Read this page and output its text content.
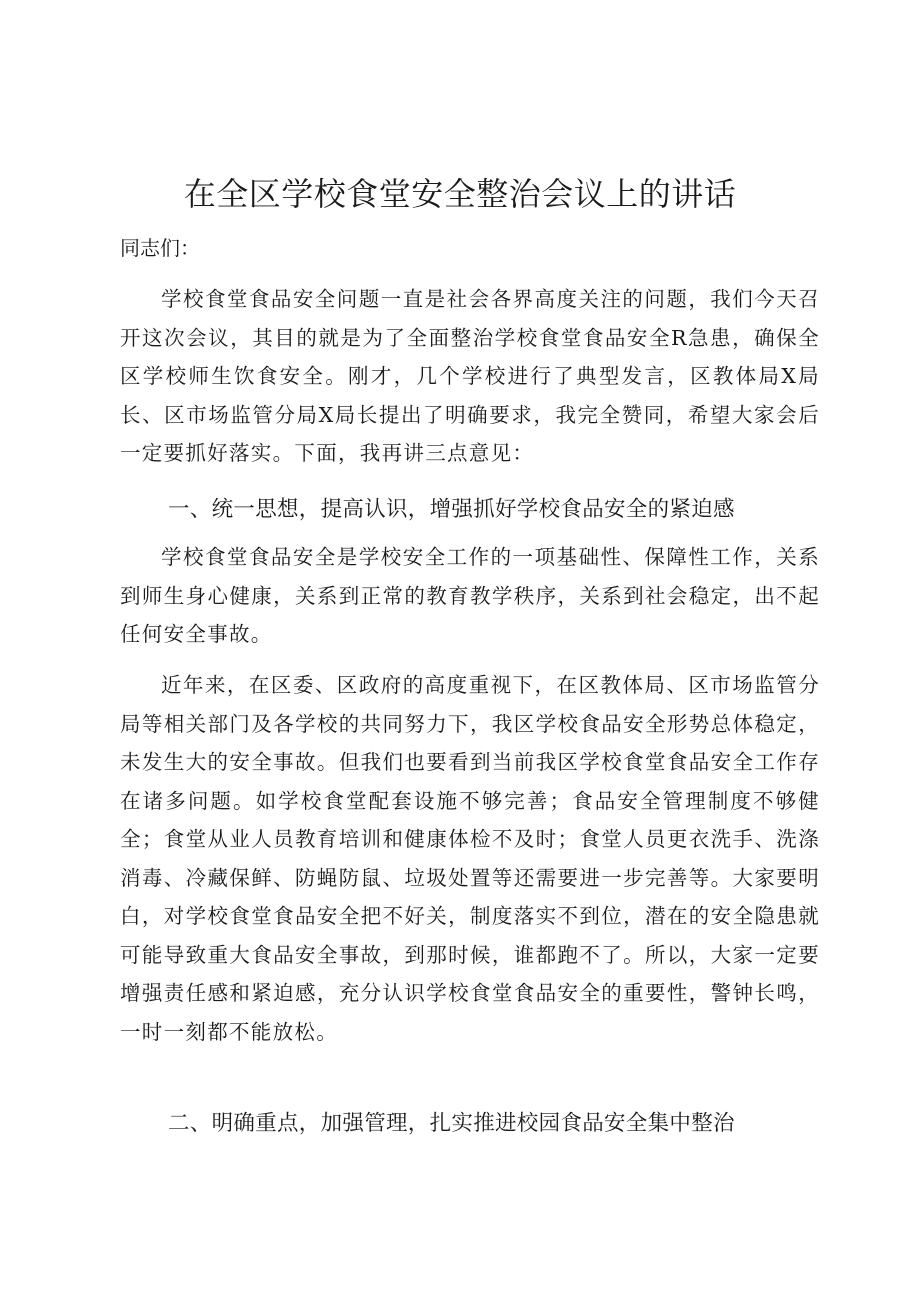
在全区学校食堂安全整治会议上的讲话

同志们：

学校食堂食品安全问题一直是社会各界高度关注的问题，我们今天召开这次会议，其目的就是为了全面整治学校食堂食品安全R急患，确保全区学校师生饮食安全。刚才，几个学校进行了典型发言，区教体局X局长、区市场监管分局X局长提出了明确要求，我完全赞同，希望大家会后一定要抓好落实。下面，我再讲三点意见：

一、统一思想，提高认识，增强抓好学校食品安全的紧迫感

学校食堂食品安全是学校安全工作的一项基础性、保障性工作，关系到师生身心健康，关系到正常的教育教学秩序，关系到社会稳定，出不起任何安全事故。

近年来，在区委、区政府的高度重视下，在区教体局、区市场监管分局等相关部门及各学校的共同努力下，我区学校食品安全形势总体稳定，未发生大的安全事故。但我们也要看到当前我区学校食堂食品安全工作存在诸多问题。如学校食堂配套设施不够完善；食品安全管理制度不够健全；食堂从业人员教育培训和健康体检不及时；食堂人员更衣洗手、洗涤消毒、冷藏保鲜、防蝇防鼠、垃圾处置等还需要进一步完善等。大家要明白，对学校食堂食品安全把不好关，制度落实不到位，潜在的安全隐患就可能导致重大食品安全事故，到那时候，谁都跑不了。所以，大家一定要增强责任感和紧迫感，充分认识学校食堂食品安全的重要性，警钟长鸣，一时一刻都不能放松。

二、明确重点，加强管理，扎实推进校园食品安全集中整治
